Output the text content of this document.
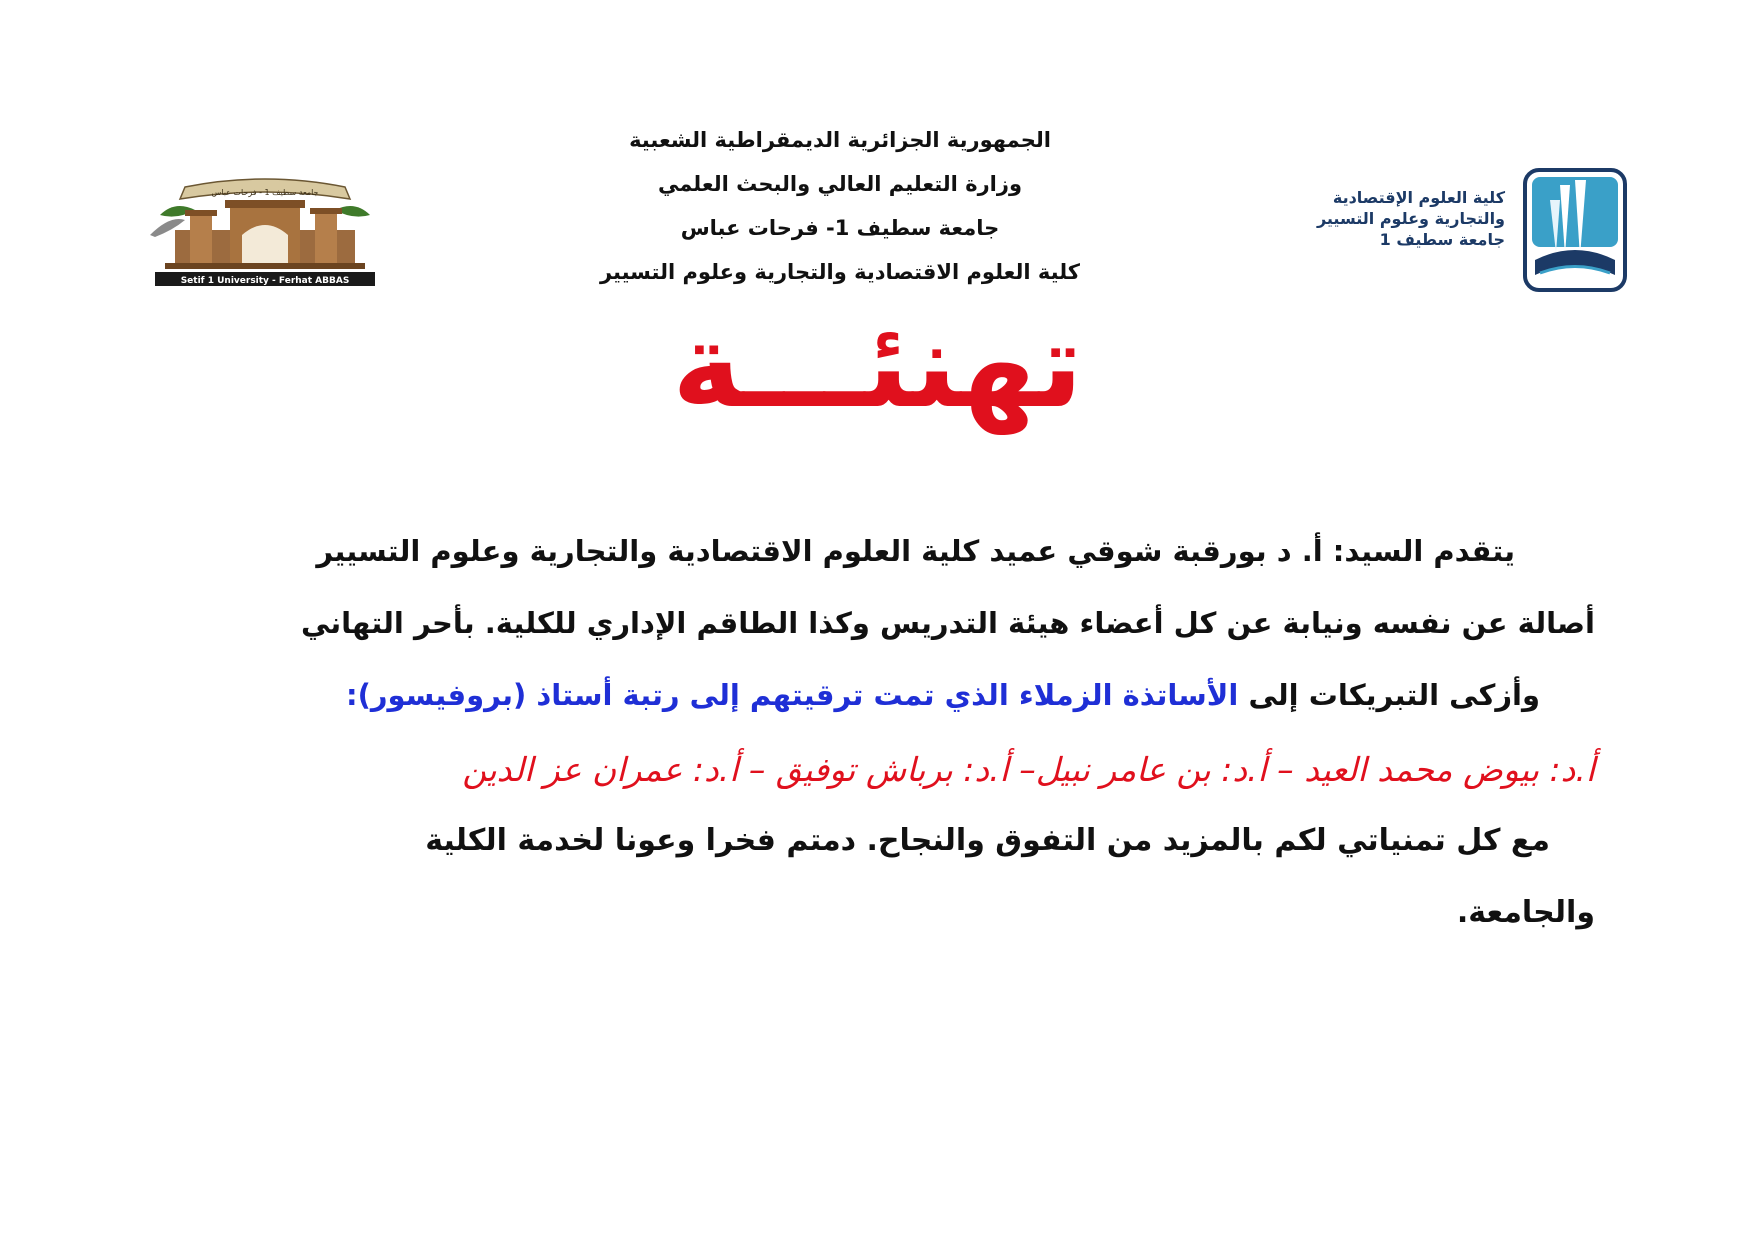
جامعة سطيف 1 - فرحات عباس
Setif 1 University - Ferhat ABBAS
كلية العلوم الإقتصادية
والتجارية وعلوم التسيير
جامعة سطيف 1
الجمهورية الجزائرية الديمقراطية الشعبية
وزارة التعليم العالي والبحث العلمي
جامعة سطيف 1- فرحات عباس
كلية العلوم الاقتصادية والتجارية وعلوم التسيير
تهنئـــة
يتقدم السيد: أ. د بورقبة شوقي عميد كلية العلوم الاقتصادية والتجارية وعلوم التسيير
أصالة عن نفسه ونيابة عن كل أعضاء هيئة التدريس وكذا الطاقم الإداري للكلية. بأحر التهاني
وأزكى التبريكات إلى الأساتذة الزملاء الذي تمت ترقيتهم إلى رتبة أستاذ (بروفيسور):
أ.د: بيوض محمد العيد – أ.د: بن عامر نبيل– أ.د: برباش توفيق – أ.د: عمران عز الدين
مع كل تمنياتي لكم بالمزيد من التفوق والنجاح. دمتم فخرا وعونا لخدمة الكلية
والجامعة.
